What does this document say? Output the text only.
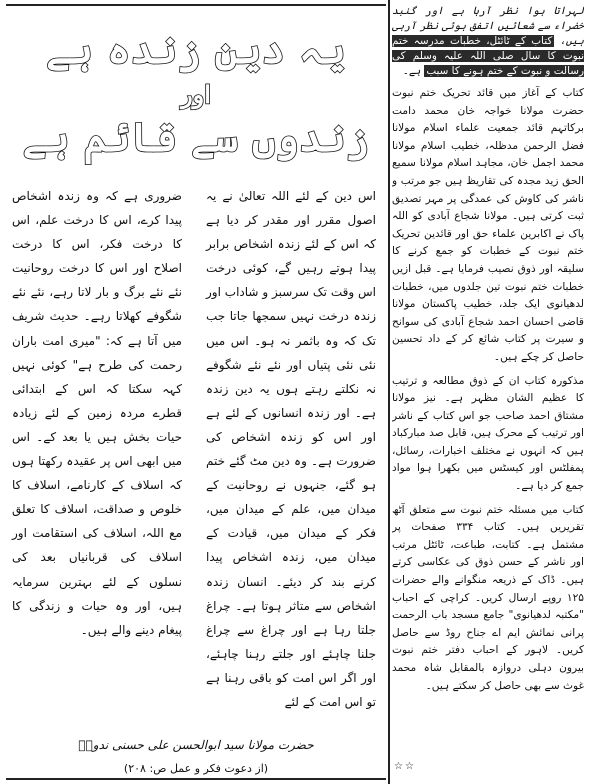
یہ دین زندہ ہے
اور
زندوں سے قائم ہے

اس دین کے لئے اللہ تعالیٰ نے یہ اصول مقرر اور مقدر کر دیا ہے کہ اس کے لئے زندہ اشخاص برابر پیدا ہوتے رہیں گے، کوئی درخت اس وقت تک سرسبز و شاداب اور زندہ درخت نہیں سمجھا جاتا جب تک کہ وہ باثمر نہ ہو۔ اس میں نئی نئی پتیاں اور نئے نئے شگوفے نہ نکلتے رہتے ہوں یہ دین زندہ ہے۔ اور زندہ انسانوں کے لئے ہے اور اس کو زندہ اشخاص کی ضرورت ہے۔ وہ دین مٹ گئے ختم ہو گئے، جنہوں نے روحانیت کے میدان میں، علم کے میدان میں، فکر کے میدان میں، قیادت کے میدان میں، زندہ اشخاص پیدا کرنے بند کر دیئے۔ انسان زندہ اشخاص سے متاثر ہوتا ہے۔ چراغ جلتا رہا ہے اور چراغ سے چراغ جلنا چاہئے اور جلتے رہنا چاہئے، اور اگر اس امت کو باقی رہنا ہے تو اس امت کے لئے

ضروری ہے کہ وہ زندہ اشخاص پیدا کرے، اس کا درخت علم، اس کا درخت فکر، اس کا درخت اصلاح اور اس کا درخت روحانیت نئے نئے برگ و بار لاتا رہے، نئے نئے شگوفے کھلاتا رہے۔ حدیث شریف میں آتا ہے کہ: "میری امت باران رحمت کی طرح ہے" کوئی نہیں کہہ سکتا کہ اس کے ابتدائی قطرے مردہ زمین کے لئے زیادہ حیات بخش ہیں یا بعد کے۔ اس میں ابھی اس پر عقیدہ رکھتا ہوں کہ اسلاف کے کارنامے، اسلاف کا خلوص و صداقت، اسلاف کا تعلق مع اللہ، اسلاف کی استقامت اور اسلاف کی قربانیاں بعد کی نسلوں کے لئے بہترین سرمایہ ہیں، اور وہ حیات و زندگی کا پیغام دینے والے ہیں۔

حضرت مولانا سید ابوالحسن علی حسنی ندویؒ
(از دعوت فکر و عمل ص: ۲۰۸)
لہراتا ہوا نظر آرہا ہے اور گنبد خضراء سے شعائیں اتفق ہوئی نظر آرہی ہیں، کتاب کے ٹائٹل، خطبات مدرسہ ختم نبوت کا سال صلی اللہ علیہ وسلم کی رسالت و نبوت کے ختم ہونے کا سبب ہے۔

کتاب کے آغاز میں قائد تحریک ختم نبوت حضرت مولانا خواجہ خان محمد دامت برکاتہم قائد جمعیت علماء اسلام مولانا فضل الرحمن مدظلہ، خطیب اسلام مولانا محمد اجمل خان، مجاہد اسلام مولانا سمیع الحق زید مجدہ کی تقاریظ ہیں جو مرتب و ناشر کی کاوش کی عمدگی پر مہر تصدیق ثبت کرتی ہیں۔ مولانا شجاع آبادی کو اللہ پاک نے اکابرین علماء حق اور قائدین تحریک ختم نبوت کے خطبات کو جمع کرنے کا سلیقہ اور ذوق نصیب فرمایا ہے۔ قبل ازیں خطبات ختم نبوت تین جلدوں میں، خطبات لدھیانوی ایک جلد، خطیب پاکستان مولانا قاضی احسان احمد شجاع آبادی کی سوانح و سیرت پر کتاب شائع کر کے داد تحسین حاصل کر چکے ہیں۔

مذکورہ کتاب ان کے ذوق مطالعہ و ترتیب کا عظیم الشان مظہر ہے۔ نیز مولانا مشتاق احمد صاحب جو اس کتاب کے ناشر اور ترتیب کے محرک ہیں، قابل صد مبارکباد ہیں کہ انہوں نے مختلف اخبارات، رسائل، پمفلٹس اور کیسٹس میں بکھرا ہوا مواد جمع کر دیا ہے۔

کتاب میں مسئلہ ختم نبوت سے متعلق آٹھ تقریریں ہیں۔ کتاب ۳۳۴ صفحات پر مشتمل ہے۔ کتابت، طباعت، ٹائٹل مرتب اور ناشر کے حسن ذوق کی عکاسی کرتے ہیں۔ ڈاک کے ذریعہ منگوانے والے حضرات ۱۲۵ روپے ارسال کریں۔ کراچی کے احباب "مکتبہ لدھیانوی" جامع مسجد باب الرحمت پرانی نمائش ایم اے جناح روڈ سے حاصل کریں۔ لاہور کے احباب دفتر ختم نبوت بیرون دہلی دروازہ بالمقابل شاہ محمد غوث سے بھی حاصل کر سکتے ہیں۔

☆☆
